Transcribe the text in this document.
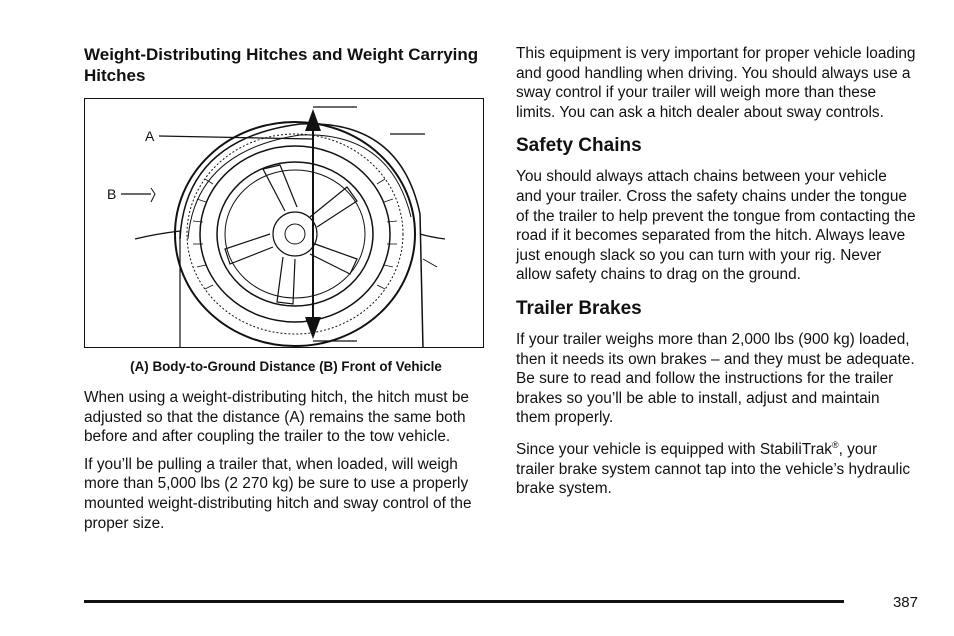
Weight-Distributing Hitches and Weight Carrying Hitches
A
B
(A) Body-to-Ground Distance (B) Front of Vehicle

When using a weight-distributing hitch, the hitch must be adjusted so that the distance (A) remains the same both before and after coupling the trailer to the tow vehicle.

If you’ll be pulling a trailer that, when loaded, will weigh more than 5,000 lbs (2 270 kg) be sure to use a properly mounted weight-distributing hitch and sway control of the proper size.

This equipment is very important for proper vehicle loading and good handling when driving. You should always use a sway control if your trailer will weigh more than these limits. You can ask a hitch dealer about sway controls.

Safety Chains

You should always attach chains between your vehicle and your trailer. Cross the safety chains under the tongue of the trailer to help prevent the tongue from contacting the road if it becomes separated from the hitch. Always leave just enough slack so you can turn with your rig. Never allow safety chains to drag on the ground.

Trailer Brakes

If your trailer weighs more than 2,000 lbs (900 kg) loaded, then it needs its own brakes – and they must be adequate. Be sure to read and follow the instructions for the trailer brakes so you’ll be able to install, adjust and maintain them properly.

Since your vehicle is equipped with StabiliTrak®, your trailer brake system cannot tap into the vehicle’s hydraulic brake system.

387
